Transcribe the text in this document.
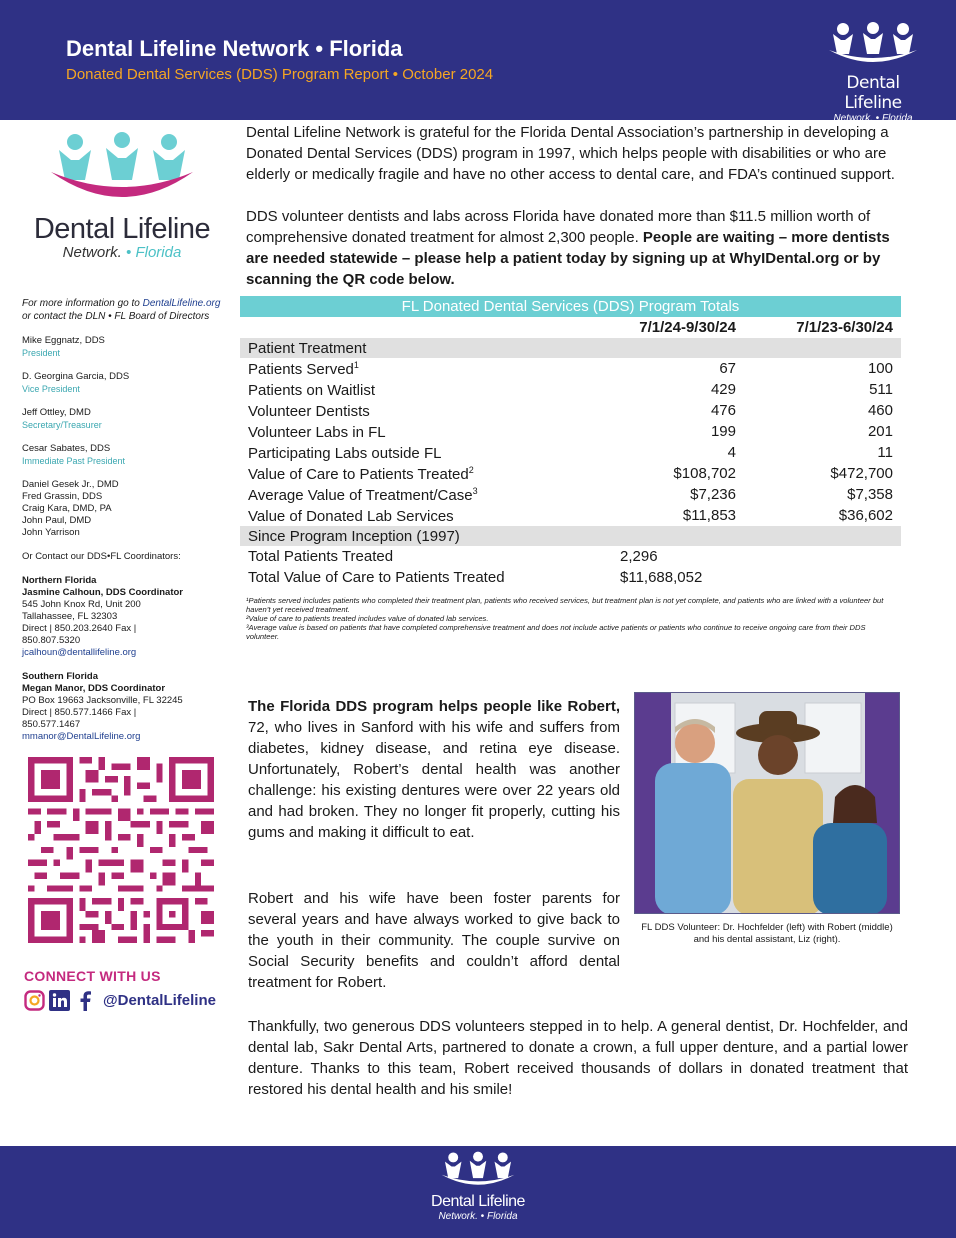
Dental Lifeline Network • Florida
Donated Dental Services (DDS) Program Report • October 2024	Dental Lifeline
Network. • Florida
Dental Lifeline
Network. • Florida
For more information go to DentalLifeline.org or contact the DLN • FL Board of Directors
Mike Eggnatz, DDS
President
D. Georgina Garcia, DDS
Vice President
Jeff Ottley, DMD
Secretary/Treasurer
Cesar Sabates, DDS
Immediate Past President
Daniel Gesek Jr., DMD
Fred Grassin, DDS
Craig Kara, DMD, PA
John Paul, DMD
John Yarrison
Or Contact our DDS•FL Coordinators:
Northern Florida
Jasmine Calhoun, DDS Coordinator
545 John Knox Rd, Unit 200
Tallahassee, FL 32303
Direct | 850.203.2640 Fax |
850.807.5320
jcalhoun@dentallifeline.org
Southern Florida
Megan Manor, DDS Coordinator
PO Box 19663 Jacksonville, FL 32245
Direct | 850.577.1466 Fax |
850.577.1467
mmanor@DentalLifeline.org
CONNECT WITH US
@DentalLifeline

Dental Lifeline Network is grateful for the Florida Dental Association’s partnership in developing a Donated Dental Services (DDS) program in 1997, which helps people with disabilities or who are elderly or medically fragile and have no other access to dental care, and FDA’s continued support.

DDS volunteer dentists and labs across Florida have donated more than $11.5 million worth of comprehensive donated treatment for almost 2,300 people. People are waiting – more dentists are needed statewide – please help a patient today by signing up at WhyIDental.org or by scanning the QR code below.

FL Donated Dental Services (DDS) Program Totals		
	7/1/24-9/30/24	7/1/23-6/30/24
Patient Treatment		
Patients Served$^1$	67	100
Patients on Waitlist	429	511
Volunteer Dentists	476	460
Volunteer Labs in FL	199	201
Participating Labs outside FL	4	11
Value of Care to Patients Treated$^2$	$108,702	$472,700
Average Value of Treatment/Case$^3$	$7,236	$7,358
Value of Donated Lab Services	$11,853	$36,602
Since Program Inception (1997)		
Total Patients Treated	2,296	
Total Value of Care to Patients Treated	$11,688,052	
¹Patients served includes patients who completed their treatment plan, patients who received services, but treatment plan is not yet complete, and patients who are linked with a volunteer but haven’t yet received treatment.
²Value of care to patients treated includes value of donated lab services.
³Average value is based on patients that have completed comprehensive treatment and does not include active patients or patients who continue to receive ongoing care from their DDS volunteer.

The Florida DDS program helps people like Robert, 72, who lives in Sanford with his wife and suffers from diabetes, kidney disease, and retina eye disease. Unfortunately, Robert’s dental health was another challenge: his existing dentures were over 22 years old and had broken. They no longer fit properly, cutting his gums and making it difficult to eat.

Robert and his wife have been foster parents for several years and have always worked to give back to the youth in their community. The couple survive on Social Security benefits and couldn’t afford dental treatment for Robert.

Thankfully, two generous DDS volunteers stepped in to help. A general dentist, Dr. Hochfelder, and dental lab, Sakr Dental Arts, partnered to donate a crown, a full upper denture, and a partial lower denture. Thanks to this team, Robert received thousands of dollars in donated treatment that restored his dental health and his smile!

FL DDS Volunteer: Dr. Hochfelder (left) with Robert (middle) and his dental assistant, Liz (right).
Dental Lifeline
Network. • Florida
